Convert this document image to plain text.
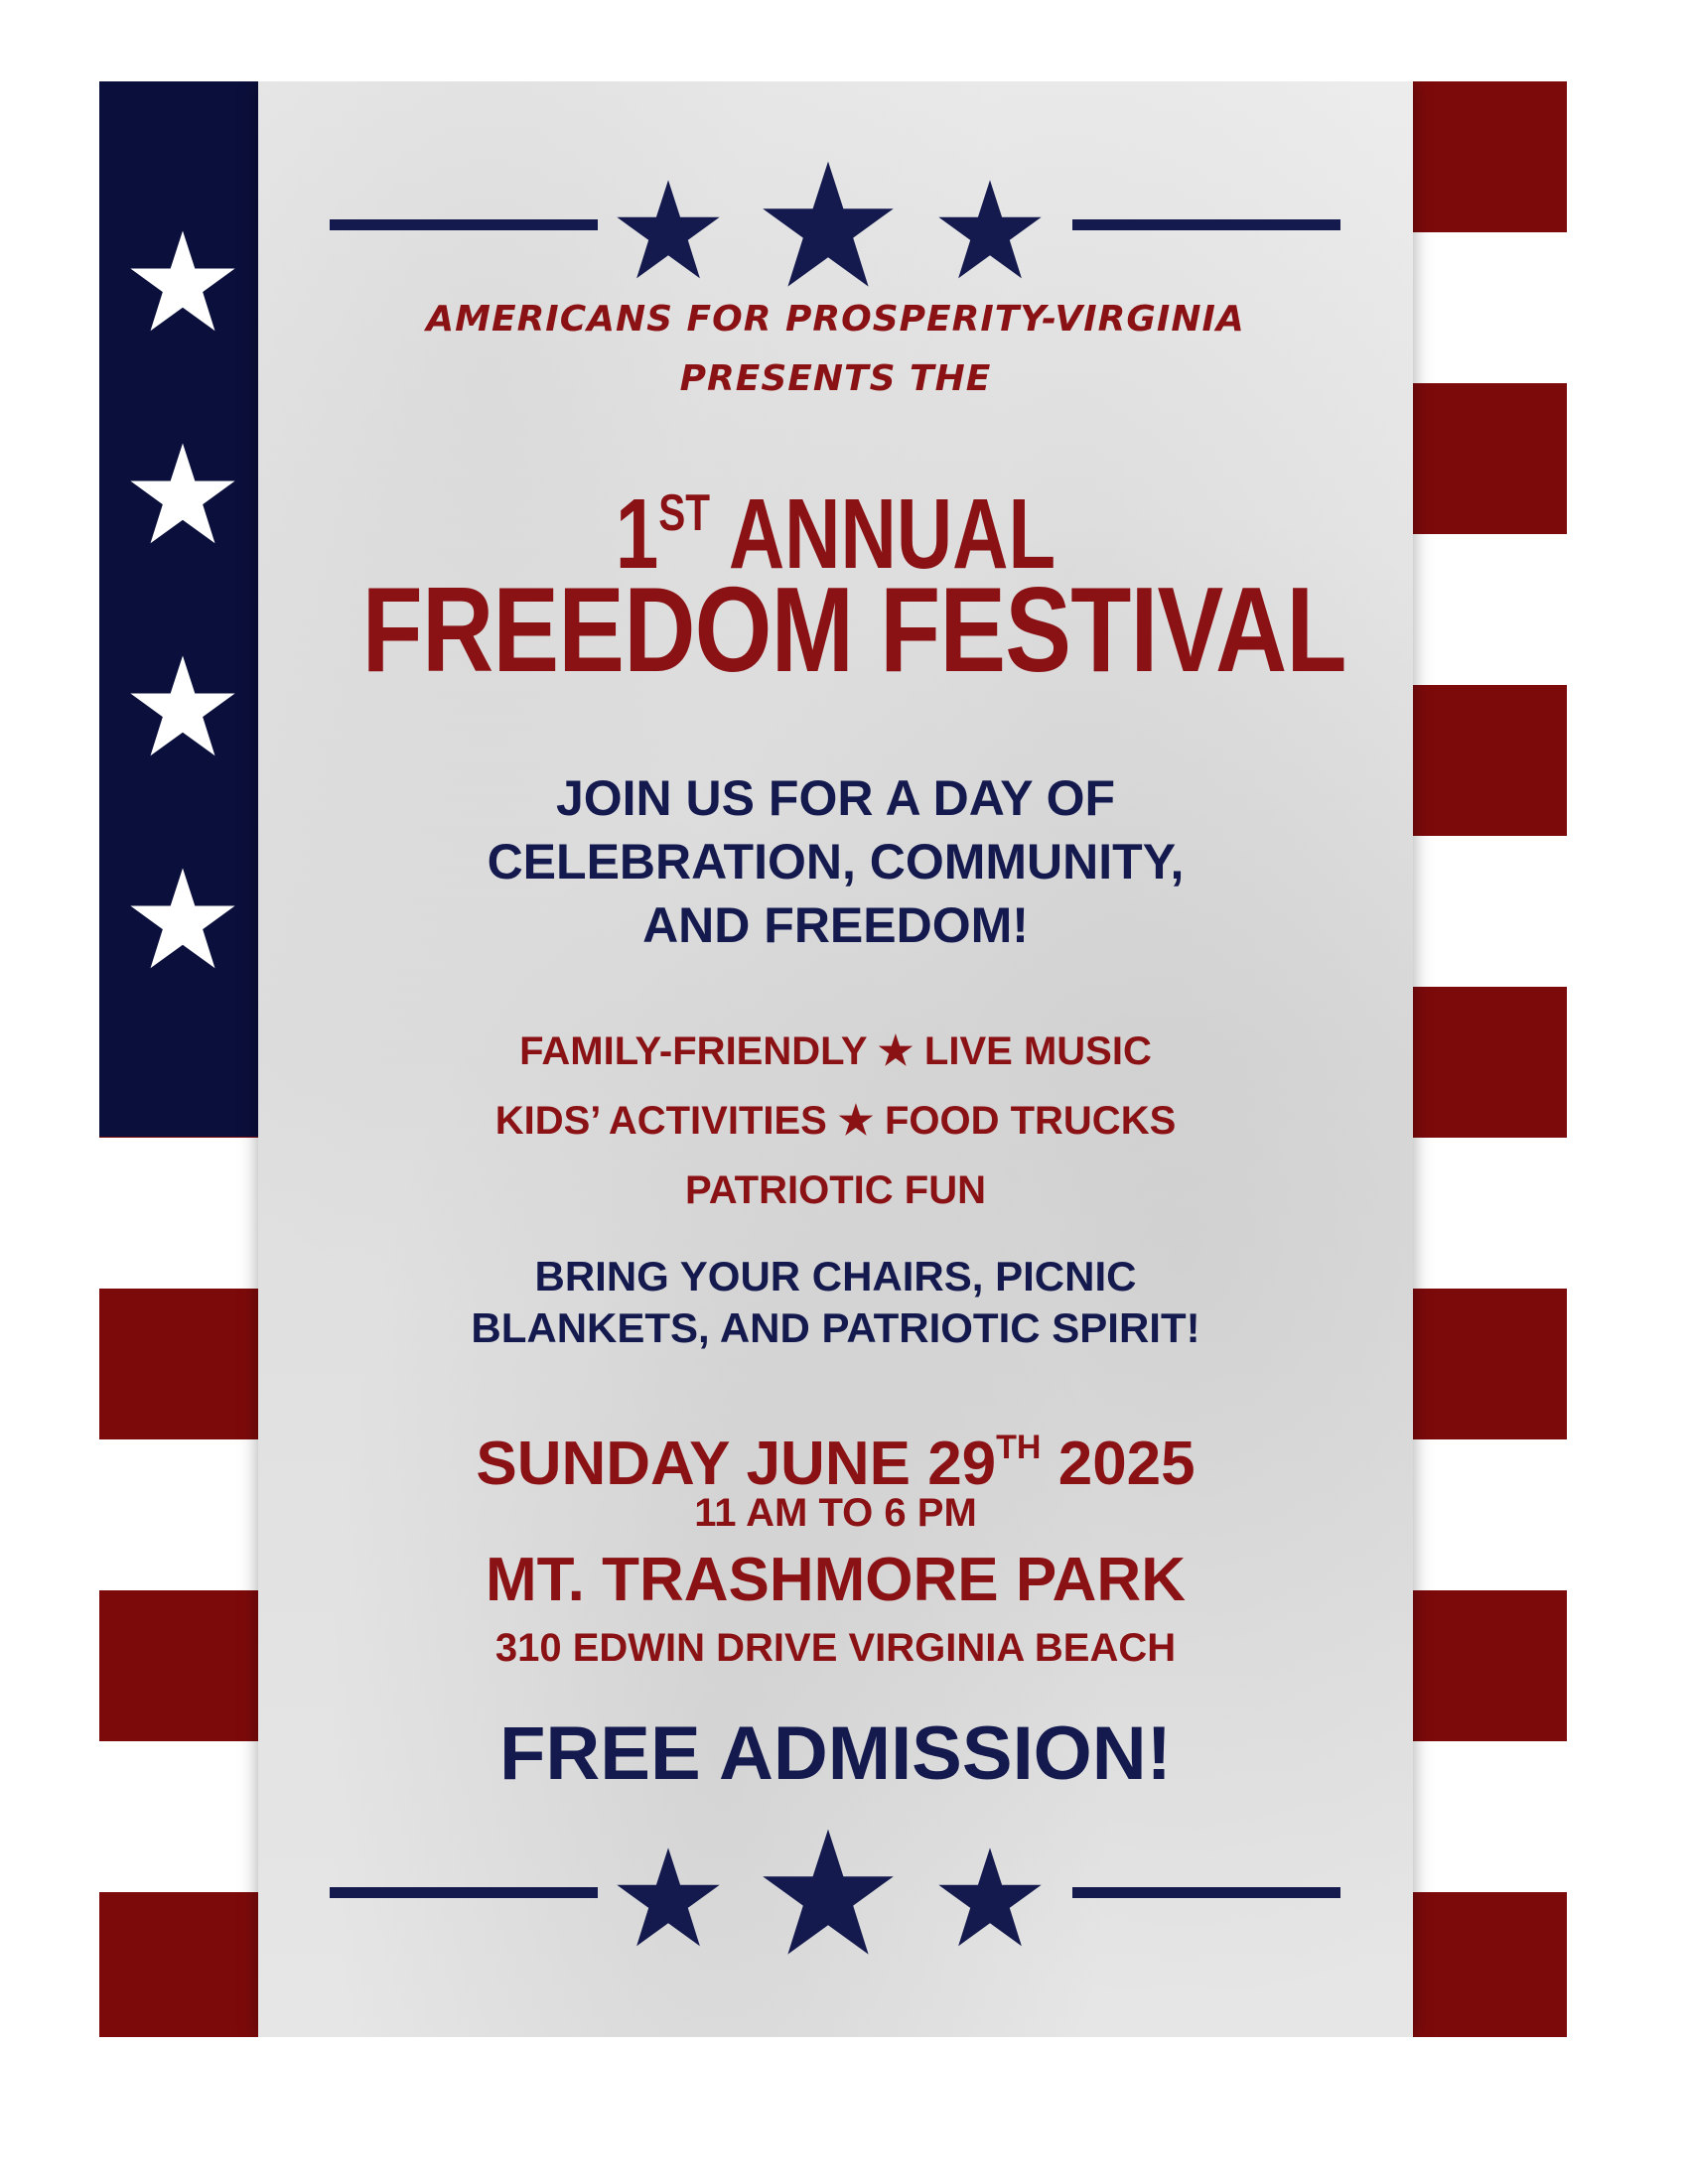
AMERICANS FOR PROSPERITY-VIRGINIA

PRESENTS THE

1ST ANNUAL

FREEDOM FESTIVAL

JOIN US FOR A DAY OF

CELEBRATION, COMMUNITY,

AND FREEDOM!

FAMILY-FRIENDLY ★ LIVE MUSIC

KIDS’ ACTIVITIES ★ FOOD TRUCKS

PATRIOTIC FUN

BRING YOUR CHAIRS, PICNIC

BLANKETS, AND PATRIOTIC SPIRIT!

SUNDAY JUNE 29TH 2025

11 AM TO 6 PM

MT. TRASHMORE PARK

310 EDWIN DRIVE VIRGINIA BEACH

FREE ADMISSION!
